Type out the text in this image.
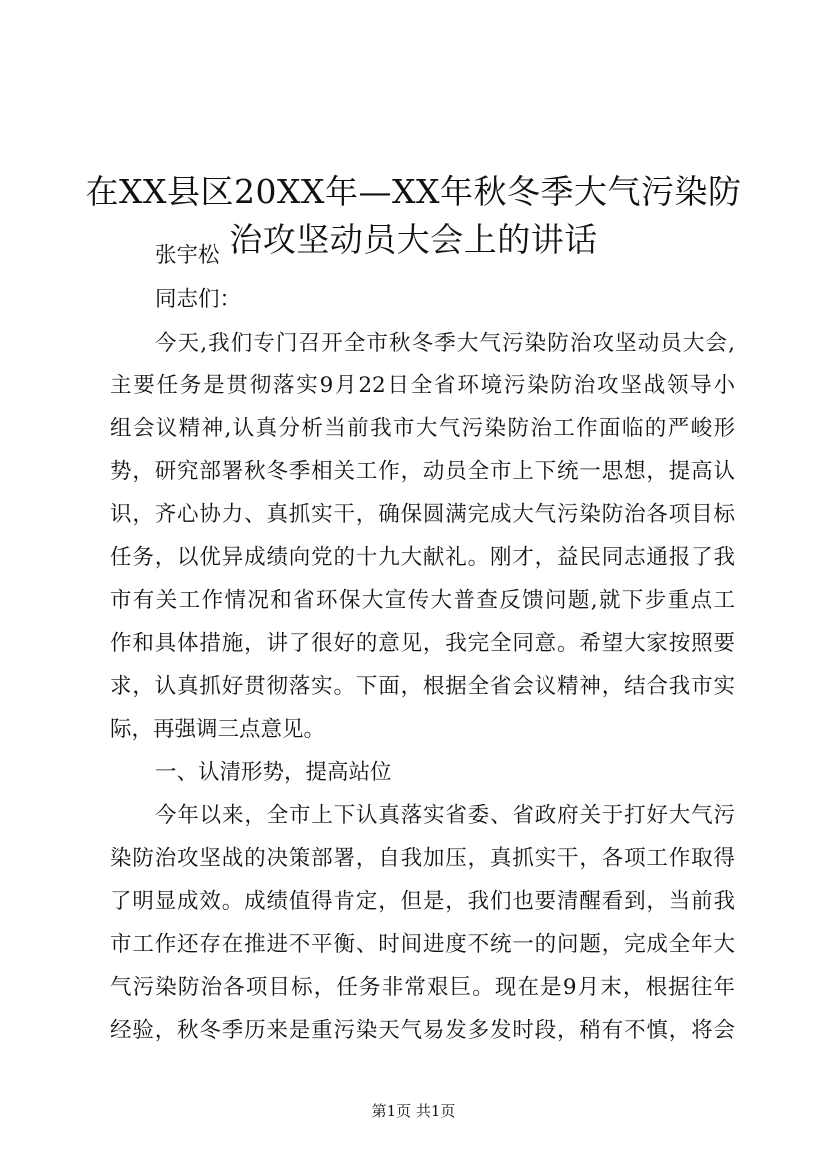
在XX县区20XX年—XX年秋冬季大气污染防
治攻坚动员大会上的讲话
张宇松
同志们：
今天,我们专门召开全市秋冬季大气污染防治攻坚动员大会,
主要任务是贯彻落实9月22日全省环境污染防治攻坚战领导小
组会议精神,认真分析当前我市大气污染防治工作面临的严峻形
势，研究部署秋冬季相关工作，动员全市上下统一思想，提高认
识，齐心协力、真抓实干，确保圆满完成大气污染防治各项目标
任务，以优异成绩向党的十九大献礼。刚才，益民同志通报了我
市有关工作情况和省环保大宣传大普查反馈问题,就下步重点工
作和具体措施，讲了很好的意见，我完全同意。希望大家按照要
求，认真抓好贯彻落实。下面，根据全省会议精神，结合我市实
际，再强调三点意见。
一、认清形势，提高站位
今年以来，全市上下认真落实省委、省政府关于打好大气污
染防治攻坚战的决策部署，自我加压，真抓实干，各项工作取得
了明显成效。成绩值得肯定，但是，我们也要清醒看到，当前我
市工作还存在推进不平衡、时间进度不统一的问题，完成全年大
气污染防治各项目标，任务非常艰巨。现在是9月末，根据往年
经验，秋冬季历来是重污染天气易发多发时段，稍有不慎，将会
第1页 共1页
